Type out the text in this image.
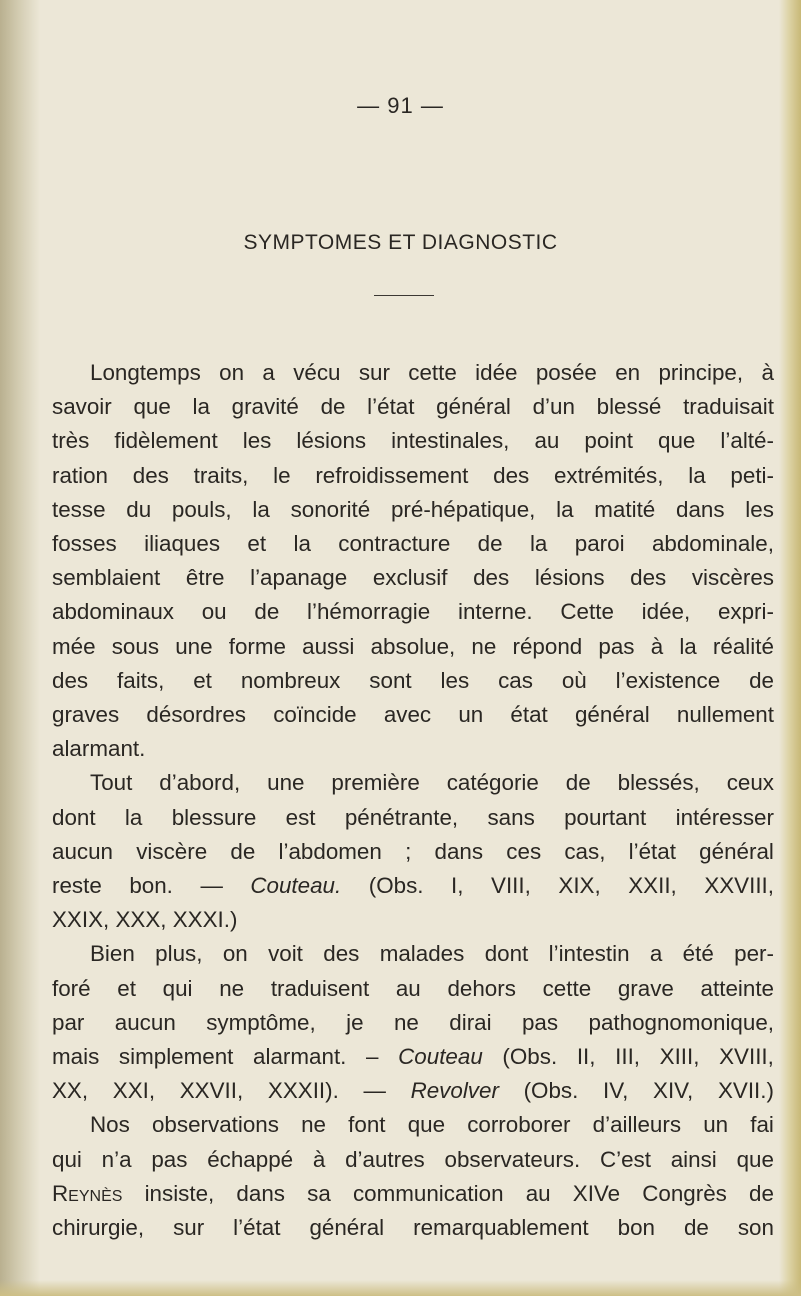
— 91 —
SYMPTOMES ET DIAGNOSTIC
Longtemps on a vécu sur cette idée posée en principe, à
savoir que la gravité de l’état général d’un blessé traduisait
très fidèlement les lésions intestinales, au point que l’alté-
ration des traits, le refroidissement des extrémités, la peti-
tesse du pouls, la sonorité pré-hépatique, la matité dans les
fosses iliaques et la contracture de la paroi abdominale,
semblaient être l’apanage exclusif des lésions des viscères
abdominaux ou de l’hémorragie interne. Cette idée, expri-
mée sous une forme aussi absolue, ne répond pas à la réalité
des faits, et nombreux sont les cas où l’existence de
graves désordres coïncide avec un état général nullement
alarmant.
Tout d’abord, une première catégorie de blessés, ceux
dont la blessure est pénétrante, sans pourtant intéresser
aucun viscère de l’abdomen ; dans ces cas, l’état général
reste bon. — Couteau. (Obs. I, VIII, XIX, XXII, XXVIII,
XXIX, XXX, XXXI.)
Bien plus, on voit des malades dont l’intestin a été per-
foré et qui ne traduisent au dehors cette grave atteinte
par aucun symptôme, je ne dirai pas pathognomonique,
mais simplement alarmant. – Couteau (Obs. II, III, XIII, XVIII,
XX, XXI, XXVII, XXXII). — Revolver (Obs. IV, XIV, XVII.)
Nos observations ne font que corroborer d’ailleurs un fai
qui n’a pas échappé à d’autres observateurs. C’est ainsi que
Reynès insiste, dans sa communication au XIVe Congrès de
chirurgie, sur l’état général remarquablement bon de son
